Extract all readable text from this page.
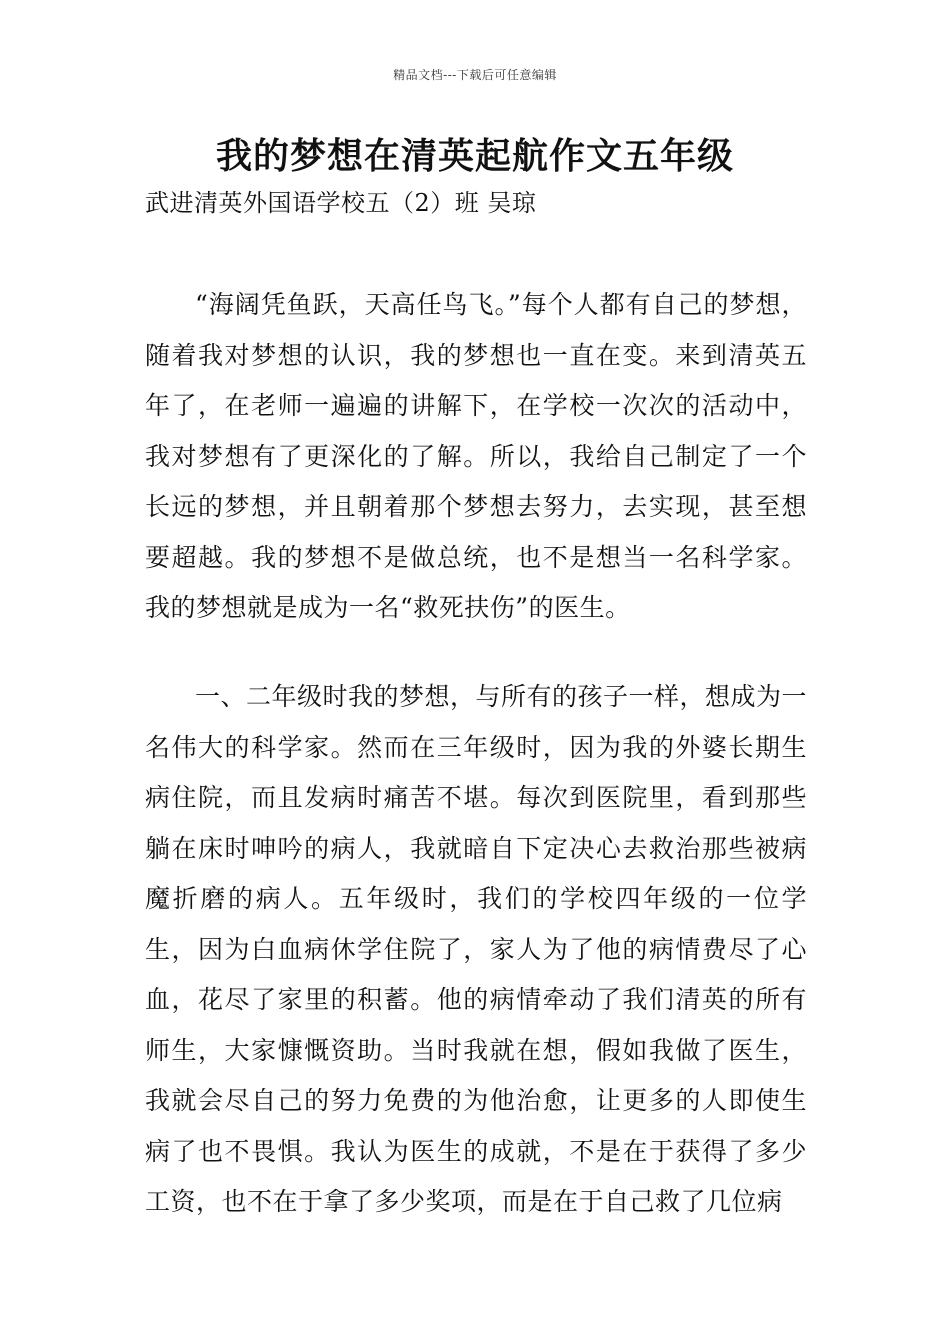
精品文档---下载后可任意编辑
我的梦想在清英起航作文五年级
武进清英外国语学校五（2）班 吴琼
“海阔凭鱼跃，天高任鸟飞。”每个人都有自己的梦想，随着我对梦想的认识，我的梦想也一直在变。来到清英五年了，在老师一遍遍的讲解下，在学校一次次的活动中，我对梦想有了更深化的了解。所以，我给自己制定了一个长远的梦想，并且朝着那个梦想去努力，去实现，甚至想要超越。我的梦想不是做总统，也不是想当一名科学家。我的梦想就是成为一名“救死扶伤”的医生。
一、二年级时我的梦想，与所有的孩子一样，想成为一名伟大的科学家。然而在三年级时，因为我的外婆长期生病住院，而且发病时痛苦不堪。每次到医院里，看到那些躺在床时呻吟的病人，我就暗自下定决心去救治那些被病魔折磨的病人。五年级时，我们的学校四年级的一位学生，因为白血病休学住院了，家人为了他的病情费尽了心血，花尽了家里的积蓄。他的病情牵动了我们清英的所有师生，大家慷慨资助。当时我就在想，假如我做了医生，我就会尽自己的努力免费的为他治愈，让更多的人即使生病了也不畏惧。我认为医生的成就，不是在于获得了多少工资，也不在于拿了多少奖项，而是在于自己救了几位病
